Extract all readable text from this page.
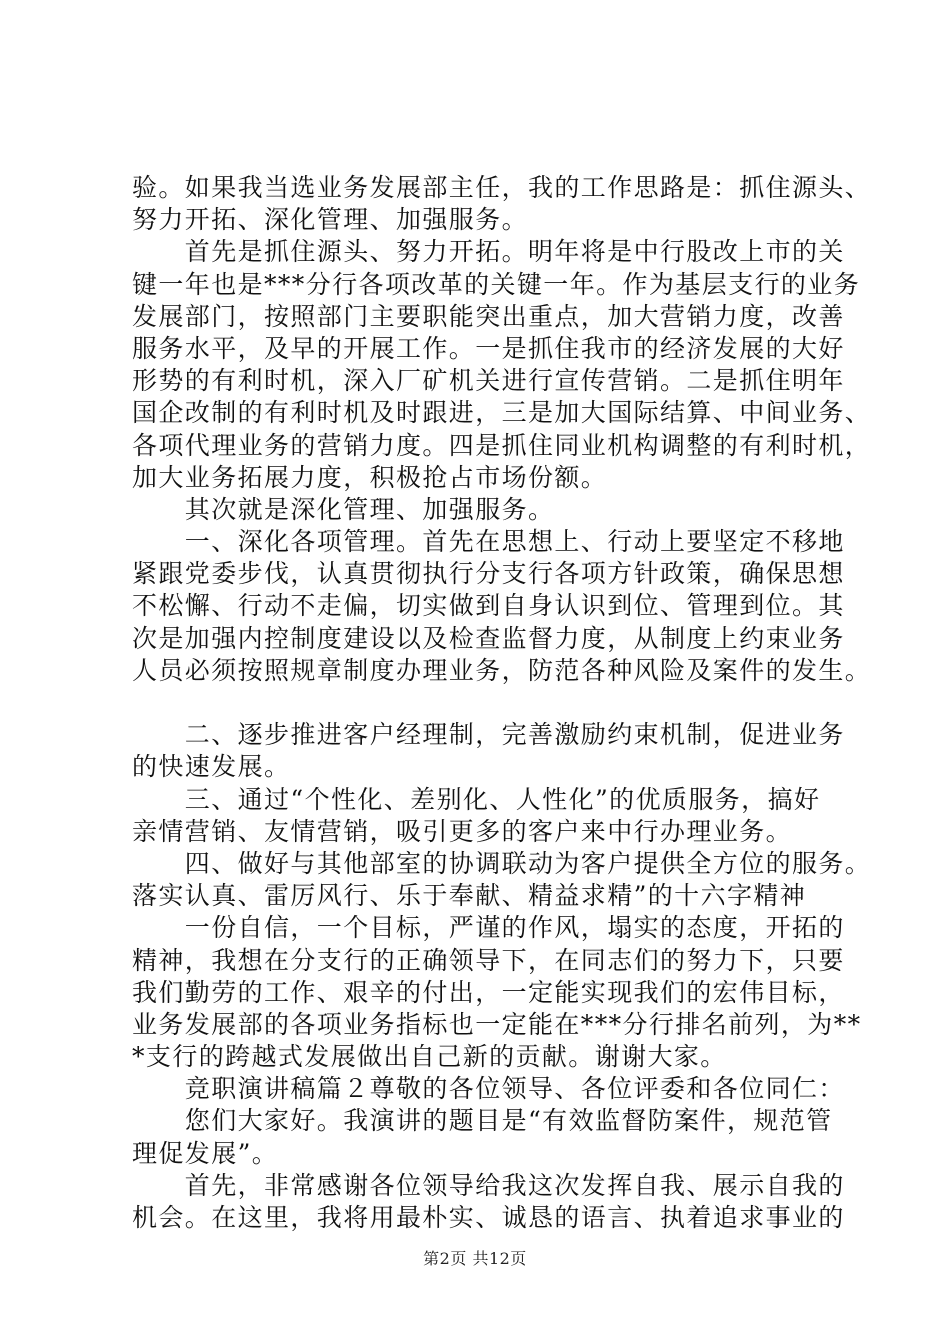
验。如果我当选业务发展部主任，我的工作思路是：抓住源头、
努力开拓、深化管理、加强服务。
　　首先是抓住源头、努力开拓。明年将是中行股改上市的关
键一年也是***分行各项改革的关键一年。作为基层支行的业务
发展部门，按照部门主要职能突出重点，加大营销力度，改善
服务水平，及早的开展工作。一是抓住我市的经济发展的大好
形势的有利时机，深入厂矿机关进行宣传营销。二是抓住明年
国企改制的有利时机及时跟进，三是加大国际结算、中间业务、
各项代理业务的营销力度。四是抓住同业机构调整的有利时机，
加大业务拓展力度，积极抢占市场份额。
　　其次就是深化管理、加强服务。
　　一、深化各项管理。首先在思想上、行动上要坚定不移地
紧跟党委步伐，认真贯彻执行分支行各项方针政策，确保思想
不松懈、行动不走偏，切实做到自身认识到位、管理到位。其
次是加强内控制度建设以及检查监督力度，从制度上约束业务
人员必须按照规章制度办理业务，防范各种风险及案件的发生。
　　二、逐步推进客户经理制，完善激励约束机制，促进业务
的快速发展。
　　三、通过“个性化、差别化、人性化”的优质服务，搞好
亲情营销、友情营销，吸引更多的客户来中行办理业务。
　　四、做好与其他部室的协调联动为客户提供全方位的服务。
落实认真、雷厉风行、乐于奉献、精益求精”的十六字精神
　　一份自信，一个目标，严谨的作风，塌实的态度，开拓的
精神，我想在分支行的正确领导下，在同志们的努力下，只要
我们勤劳的工作、艰辛的付出，一定能实现我们的宏伟目标，
业务发展部的各项业务指标也一定能在***分行排名前列，为**
*支行的跨越式发展做出自己新的贡献。谢谢大家。
　　竞职演讲稿篇２尊敬的各位领导、各位评委和各位同仁：
　　您们大家好。我演讲的题目是“有效监督防案件，规范管
理促发展”。
　　首先，非常感谢各位领导给我这次发挥自我、展示自我的
机会。在这里，我将用最朴实、诚恳的语言、执着追求事业的
第2页 共12页
